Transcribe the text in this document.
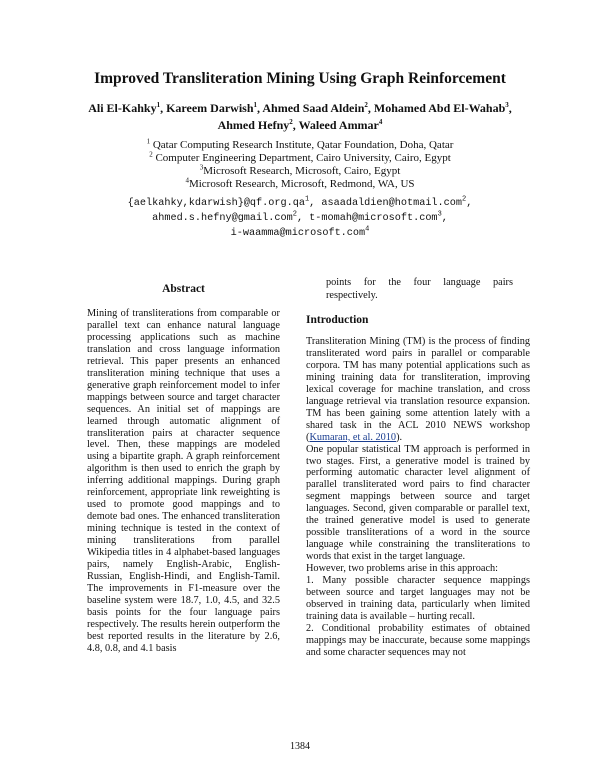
Improved Transliteration Mining Using Graph Reinforcement
Ali El-Kahky$^1$, Kareem Darwish$^1$, Ahmed Saad Aldein$^2$, Mohamed Abd El-Wahab$^3$,
Ahmed Hefny$^2$, Waleed Ammar$^4$
$^1$ Qatar Computing Research Institute, Qatar Foundation, Doha, Qatar
$^2$ Computer Engineering Department, Cairo University, Cairo, Egypt
$^3$Microsoft Research, Microsoft, Cairo, Egypt
$^4$Microsoft Research, Microsoft, Redmond, WA, US
$\{aelkahky,kdarwish\}@qf.org.qa^1$, asaadaldien@hotmail.com$^2$,
ahmed.s.hefny@gmail.com$^2$, t-momah@microsoft.com$^3$,
i-waamma@microsoft.com$^4$
Abstract

Mining of transliterations from comparable or parallel text can enhance natural language processing applications such as machine translation and cross language information retrieval. This paper presents an enhanced transliteration mining technique that uses a generative graph reinforcement model to infer mappings between source and target character sequences. An initial set of mappings are learned through automatic alignment of transliteration pairs at character sequence level. Then, these mappings are modeled using a bipartite graph. A graph reinforcement algorithm is then used to enrich the graph by inferring additional mappings. During graph reinforcement, appropriate link reweighting is used to promote good mappings and to demote bad ones. The enhanced transliteration mining technique is tested in the context of mining transliterations from parallel Wikipedia titles in 4 alphabet-based languages pairs, namely English-Arabic, English-Russian, English-Hindi, and English-Tamil. The improvements in F1-measure over the baseline system were 18.7, 1.0, 4.5, and 32.5 basis points for the four language pairs respectively. The results herein outperform the best reported results in the literature by 2.6, 4.8, 0.8, and 4.1 basis

points for the four language pairs respectively.
Introduction

Transliteration Mining (TM) is the process of finding transliterated word pairs in parallel or comparable corpora. TM has many potential applications such as mining training data for transliteration, improving lexical coverage for machine translation, and cross language retrieval via translation resource expansion. TM has been gaining some attention lately with a shared task in the ACL 2010 NEWS workshop (Kumaran, et al. 2010).

One popular statistical TM approach is performed in two stages. First, a generative model is trained by performing automatic character level alignment of parallel transliterated word pairs to find character segment mappings between source and target languages. Second, given comparable or parallel text, the trained generative model is used to generate possible transliterations of a word in the source language while constraining the transliterations to words that exist in the target language.

However, two problems arise in this approach:

1. Many possible character sequence mappings between source and target languages may not be observed in training data, particularly when limited training data is available – hurting recall.

2. Conditional probability estimates of obtained mappings may be inaccurate, because some mappings and some character sequences may not

1384
